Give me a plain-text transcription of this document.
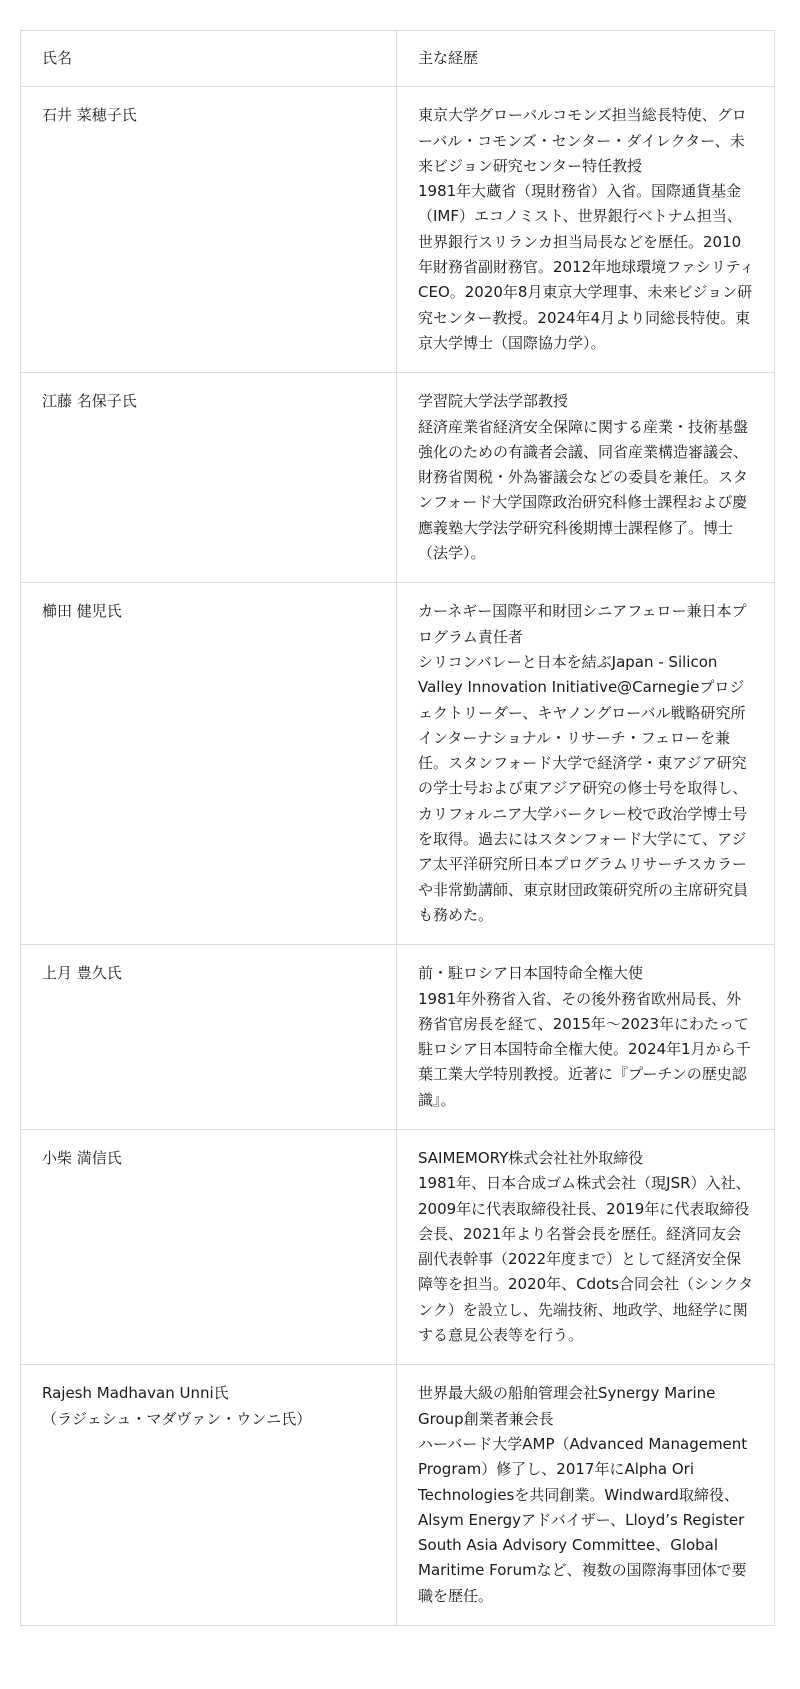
氏名	主な経歴

石井 菜穂子氏	東京大学グローバルコモンズ担当総長特使、グローバル・コモンズ・センター・ダイレクター、未来ビジョン研究センター特任教授
1981年大蔵省（現財務省）入省。国際通貨基金（IMF）エコノミスト、世界銀行ベトナム担当、世界銀行スリランカ担当局長などを歴任。2010年財務省副財務官。2012年地球環境ファシリティCEO。2020年8月東京大学理事、未来ビジョン研究センター教授。2024年4月より同総長特使。東京大学博士（国際協力学）。

江藤 名保子氏	学習院大学法学部教授
経済産業省経済安全保障に関する産業・技術基盤強化のための有識者会議、同省産業構造審議会、財務省関税・外為審議会などの委員を兼任。スタンフォード大学国際政治研究科修士課程および慶應義塾大学法学研究科後期博士課程修了。博士（法学）。

櫛田 健児氏	カーネギー国際平和財団シニアフェロー兼日本プログラム責任者
シリコンバレーと日本を結ぶJapan - Silicon Valley Innovation Initiative@Carnegieプロジェクトリーダー、キヤノングローバル戦略研究所インターナショナル・リサーチ・フェローを兼任。スタンフォード大学で経済学・東アジア研究の学士号および東アジア研究の修士号を取得し、カリフォルニア大学バークレー校で政治学博士号を取得。過去にはスタンフォード大学にて、アジア太平洋研究所日本プログラムリサーチスカラーや非常勤講師、東京財団政策研究所の主席研究員も務めた。

上月 豊久氏	前・駐ロシア日本国特命全権大使
1981年外務省入省、その後外務省欧州局長、外務省官房長を経て、2015年～2023年にわたって駐ロシア日本国特命全権大使。2024年1月から千葉工業大学特別教授。近著に『プーチンの歴史認識』。

小柴 満信氏	SAIMEMORY株式会社社外取締役
1981年、日本合成ゴム株式会社（現JSR）入社、2009年に代表取締役社長、2019年に代表取締役会長、2021年より名誉会長を歴任。経済同友会副代表幹事（2022年度まで）として経済安全保障等を担当。2020年、Cdots合同会社（シンクタンク）を設立し、先端技術、地政学、地経学に関する意見公表等を行う。

Rajesh Madhavan Unni氏
（ラジェシュ・マダヴァン・ウンニ氏）	世界最大級の船舶管理会社Synergy Marine Group創業者兼会長
ハーバード大学AMP（Advanced Management Program）修了し、2017年にAlpha Ori Technologiesを共同創業。Windward取締役、Alsym Energyアドバイザー、Lloyd’s Register South Asia Advisory Committee、Global Maritime Forumなど、複数の国際海事団体で要職を歴任。
